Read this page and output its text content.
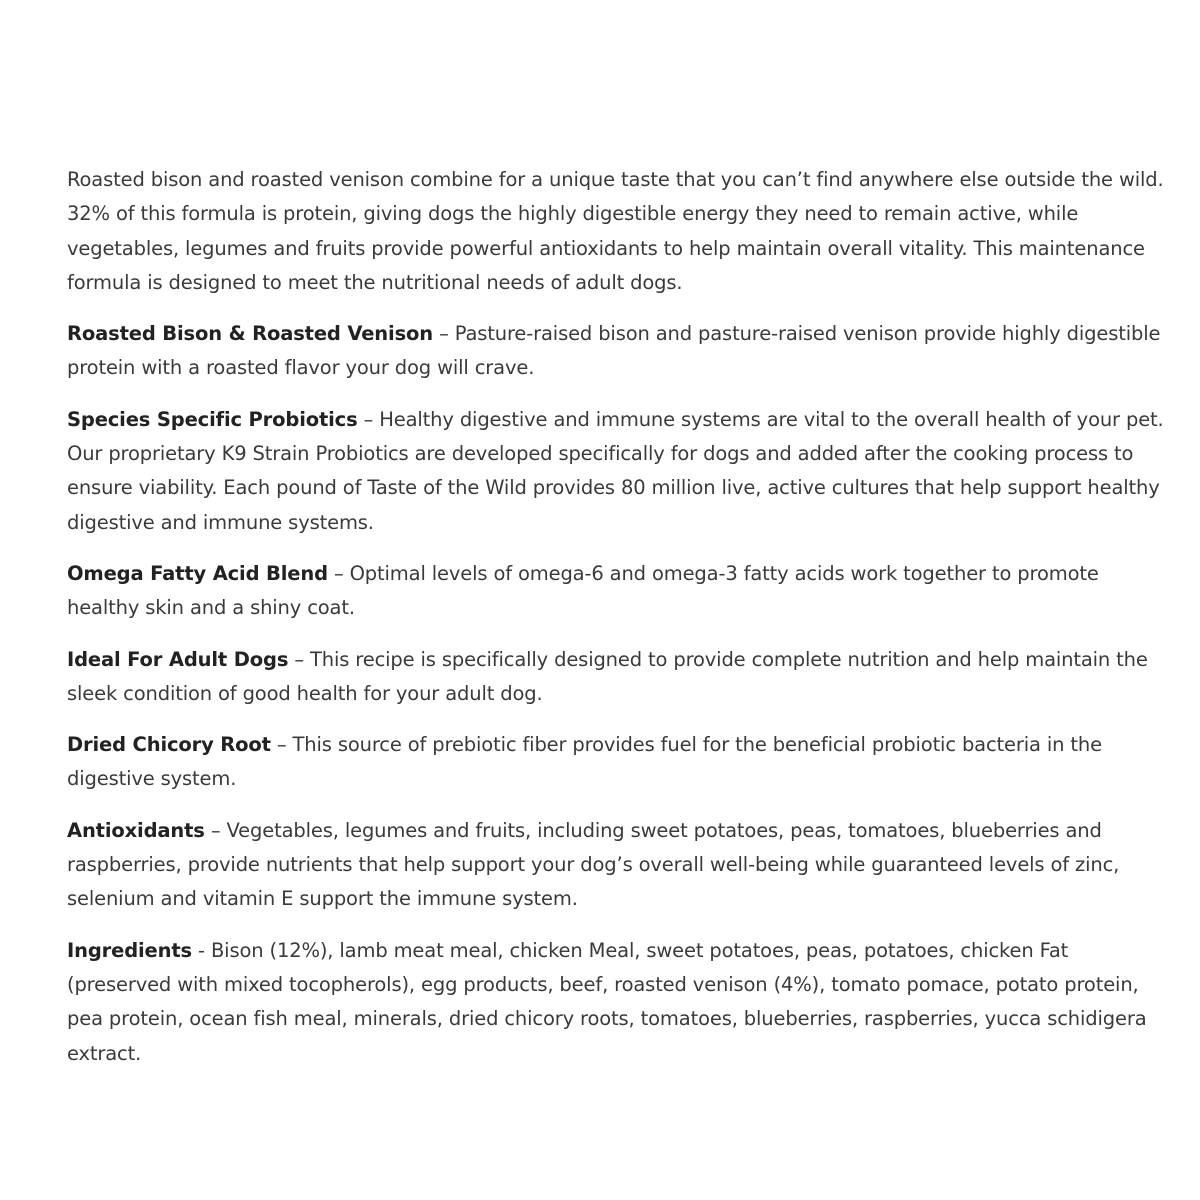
Roasted bison and roasted venison combine for a unique taste that you can’t find anywhere else outside the wild. 32% of this formula is protein, giving dogs the highly digestible energy they need to remain active, while vegetables, legumes and fruits provide powerful antioxidants to help maintain overall vitality. This maintenance formula is designed to meet the nutritional needs of adult dogs.

Roasted Bison & Roasted Venison – Pasture-raised bison and pasture-raised venison provide highly digestible protein with a roasted flavor your dog will crave.

Species Specific Probiotics – Healthy digestive and immune systems are vital to the overall health of your pet. Our proprietary K9 Strain Probiotics are developed specifically for dogs and added after the cooking process to ensure viability. Each pound of Taste of the Wild provides 80 million live, active cultures that help support healthy digestive and immune systems.

Omega Fatty Acid Blend – Optimal levels of omega-6 and omega-3 fatty acids work together to promote healthy skin and a shiny coat.

Ideal For Adult Dogs – This recipe is specifically designed to provide complete nutrition and help maintain the sleek condition of good health for your adult dog.

Dried Chicory Root – This source of prebiotic fiber provides fuel for the beneficial probiotic bacteria in the digestive system.

Antioxidants – Vegetables, legumes and fruits, including sweet potatoes, peas, tomatoes, blueberries and raspberries, provide nutrients that help support your dog’s overall well-being while guaranteed levels of zinc, selenium and vitamin E support the immune system.

Ingredients - Bison (12%), lamb meat meal, chicken Meal, sweet potatoes, peas, potatoes, chicken Fat (preserved with mixed tocopherols), egg products, beef, roasted venison (4%), tomato pomace, potato protein, pea protein, ocean fish meal, minerals, dried chicory roots, tomatoes, blueberries, raspberries, yucca schidigera extract.
